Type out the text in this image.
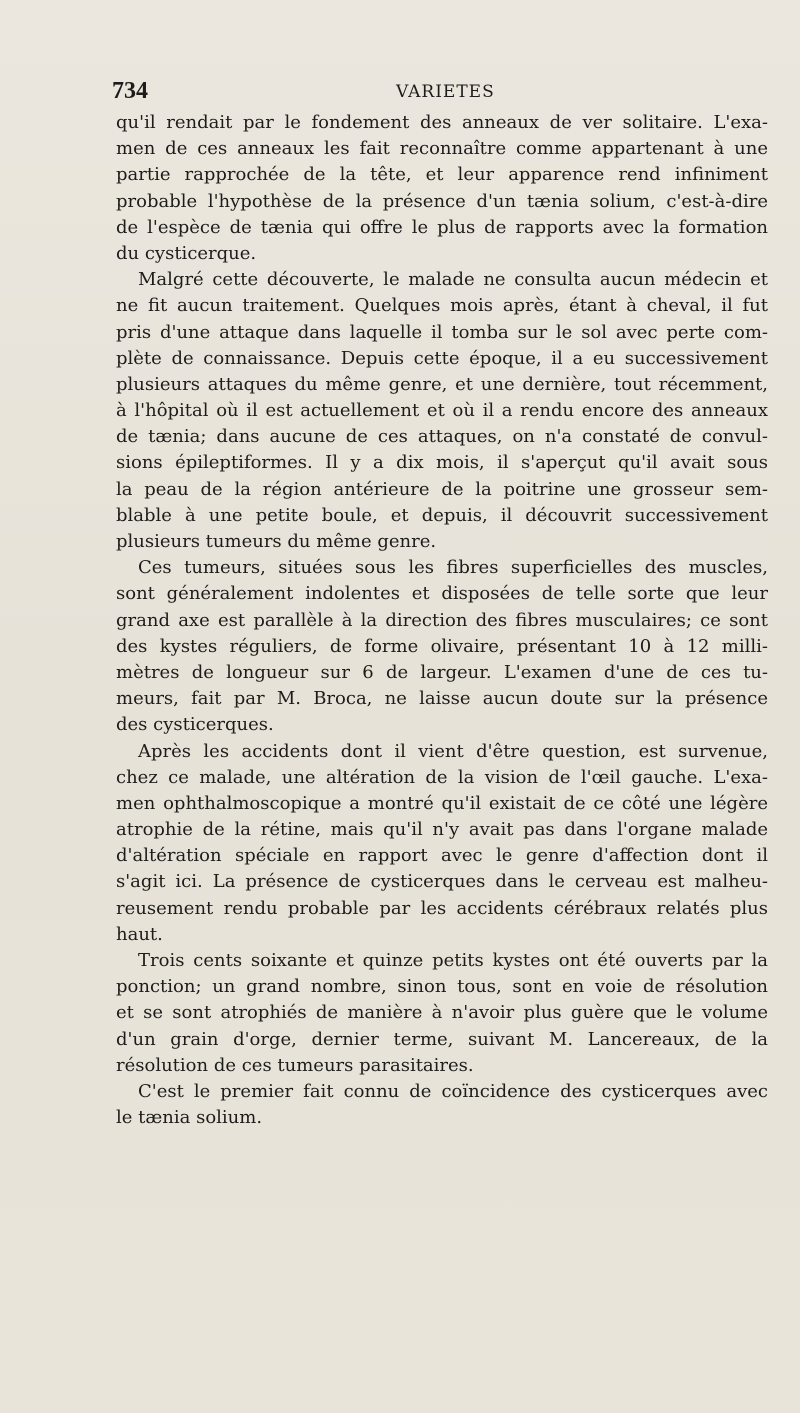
734	VARIETES
qu'il rendait par le fondement des anneaux de ver solitaire. L'exa-
men de ces anneaux les fait reconnaître comme appartenant à une
partie rapprochée de la tête, et leur apparence rend infiniment
probable l'hypothèse de la présence d'un tænia solium, c'est-à-dire
de l'espèce de tænia qui offre le plus de rapports avec la formation
du cysticerque.
Malgré cette découverte, le malade ne consulta aucun médecin et
ne fit aucun traitement. Quelques mois après, étant à cheval, il fut
pris d'une attaque dans laquelle il tomba sur le sol avec perte com-
plète de connaissance. Depuis cette époque, il a eu successivement
plusieurs attaques du même genre, et une dernière, tout récemment,
à l'hôpital où il est actuellement et où il a rendu encore des anneaux
de tænia; dans aucune de ces attaques, on n'a constaté de convul-
sions épileptiformes. Il y a dix mois, il s'aperçut qu'il avait sous
la peau de la région antérieure de la poitrine une grosseur sem-
blable à une petite boule, et depuis, il découvrit successivement
plusieurs tumeurs du même genre.
Ces tumeurs, situées sous les fibres superficielles des muscles,
sont généralement indolentes et disposées de telle sorte que leur
grand axe est parallèle à la direction des fibres musculaires; ce sont
des kystes réguliers, de forme olivaire, présentant 10 à 12 milli-
mètres de longueur sur 6 de largeur. L'examen d'une de ces tu-
meurs, fait par M. Broca, ne laisse aucun doute sur la présence
des cysticerques.
Après les accidents dont il vient d'être question, est survenue,
chez ce malade, une altération de la vision de l'œil gauche. L'exa-
men ophthalmoscopique a montré qu'il existait de ce côté une légère
atrophie de la rétine, mais qu'il n'y avait pas dans l'organe malade
d'altération spéciale en rapport avec le genre d'affection dont il
s'agit ici. La présence de cysticerques dans le cerveau est malheu-
reusement rendu probable par les accidents cérébraux relatés plus
haut.
Trois cents soixante et quinze petits kystes ont été ouverts par la
ponction; un grand nombre, sinon tous, sont en voie de résolution
et se sont atrophiés de manière à n'avoir plus guère que le volume
d'un grain d'orge, dernier terme, suivant M. Lancereaux, de la
résolution de ces tumeurs parasitaires.
C'est le premier fait connu de coïncidence des cysticerques avec
le tænia solium.
